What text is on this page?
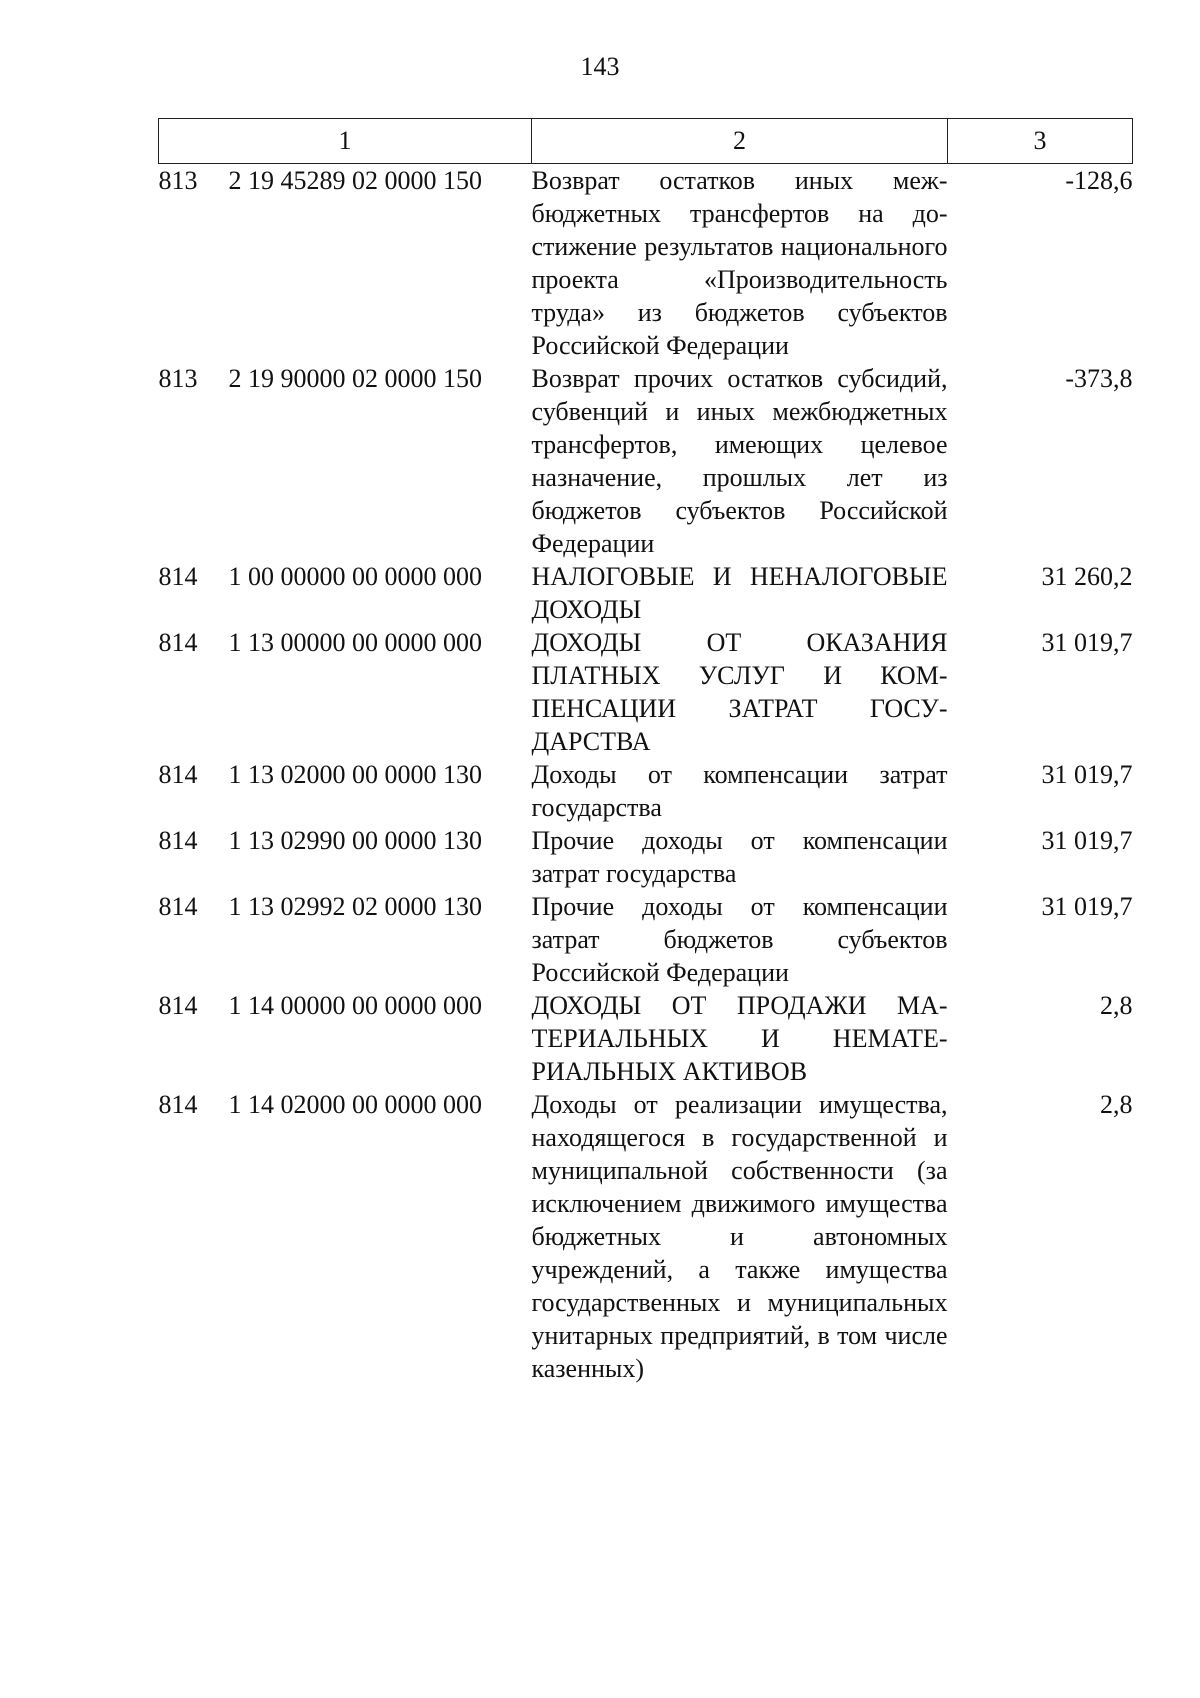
143
1	2	3
813 2 19 45289 02 0000 150	Возврат остатков иных межбюджетных трансфертов на достижение результатов национального проекта «Производительность труда» из бюджетов субъектов Российской Федерации	-128,6
813 2 19 90000 02 0000 150	Возврат прочих остатков субсидий, субвенций и иных межбюджетных трансфертов, имеющих целевое назначение, прошлых лет из бюджетов субъектов Российской Федерации	-373,8
814 1 00 00000 00 0000 000	НАЛОГОВЫЕ И НЕНАЛОГОВЫЕ ДОХОДЫ	31 260,2
814 1 13 00000 00 0000 000	ДОХОДЫ ОТ ОКАЗАНИЯ ПЛАТНЫХ УСЛУГ И КОМПЕНСАЦИИ ЗАТРАТ ГОСУДАРСТВА	31 019,7
814 1 13 02000 00 0000 130	Доходы от компенсации затрат государства	31 019,7
814 1 13 02990 00 0000 130	Прочие доходы от компенсации затрат государства	31 019,7
814 1 13 02992 02 0000 130	Прочие доходы от компенсации затрат бюджетов субъектов Российской Федерации	31 019,7
814 1 14 00000 00 0000 000	ДОХОДЫ ОТ ПРОДАЖИ МАТЕРИАЛЬНЫХ И НЕМАТЕРИАЛЬНЫХ АКТИВОВ	2,8
814 1 14 02000 00 0000 000	Доходы от реализации имущества, находящегося в государственной и муниципальной собственности (за исключением движимого имущества бюджетных и автономных учреждений, а также имущества государственных и муниципальных унитарных предприятий, в том числе казенных)	2,8
